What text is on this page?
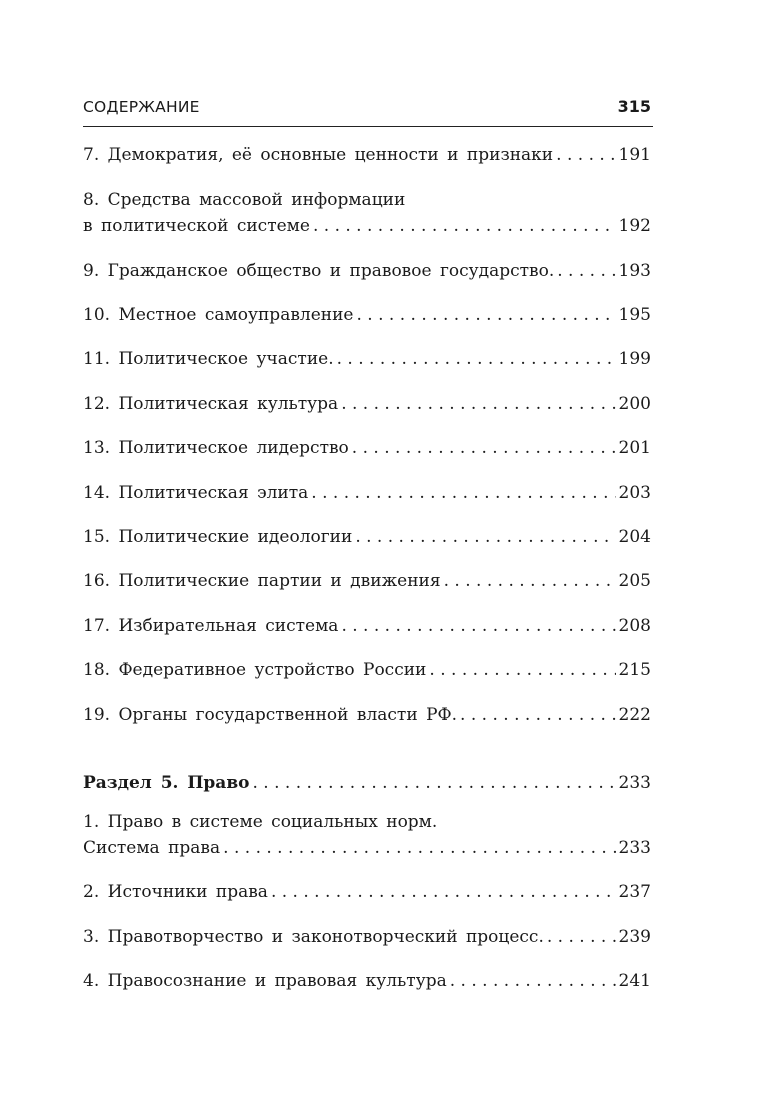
СОДЕРЖАНИЕ	315
7. Демократия, её основные ценности и признаки . . .	191
8. Средства массовой информации
в политической системе . . .	192
9. Гражданское общество и правовое государство. . . .	193
10. Местное самоуправление . . .	195
11. Политическое участие. . . .	199
12. Политическая культура . . .	200
13. Политическое лидерство . . .	201
14. Политическая элита . . .	203
15. Политические идеологии . . .	204
16. Политические партии и движения . . .	205
17. Избирательная система . . .	208
18. Федеративное устройство России . . .	215
19. Органы государственной власти РФ. . . .	222
Раздел 5. Право . . .	233
1. Право в системе социальных норм.
Система права . . .	233
2. Источники права . . .	237
3. Правотворчество и законотворческий процесс. . . .	239
4. Правосознание и правовая культура . . .	241
